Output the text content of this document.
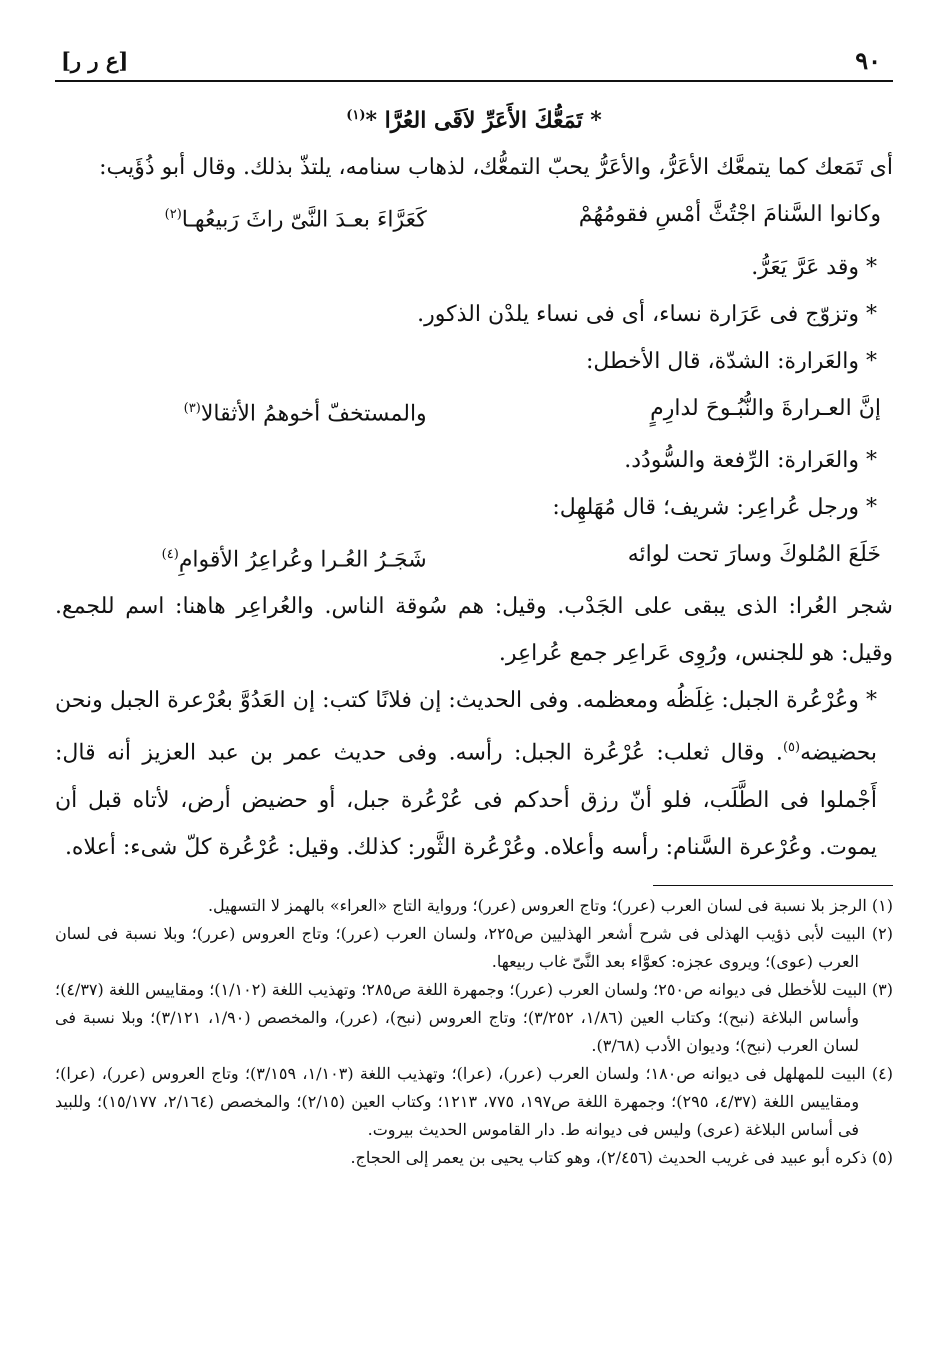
٩٠
[ع ر ر]

* تَمَعُّكَ الأَعَرِّ لاَقَى العُرَّا *$^{(١)}$

أى تَمَعك كما يتمعَّك الأعَرُّ، والأعَرُّ يحبّ التمعُّك، لذهاب سنامه، يلتذّ بذلك. وقال أبو ذُؤَيب:

وكانوا السَّنامَ اجْتُثَّ أمْسِ فقومُهُمْ
كَعَرَّاءَ بعـدَ النَّىّ راثَ رَبيعُهـا$^{(٢)}$

* وقد عَرَّ يَعَرُّ.

* وتزوّج فى عَرَارة نساء، أى فى نساء يلدْن الذكور.

* والعَرارة: الشدّة، قال الأخطل:

إنَّ العـرارةَ والنُّبُـوحَ لدارِمٍ
والمستخفّ أخوهمُ الأثقالا$^{(٣)}$

* والعَرارة: الرِّفعة والسُّودُد.

* ورجل عُراعِر: شريف؛ قال مُهَلهِل:

خَلَعَ المُلوكَ وسارَ تحت لوائه
شَجَـرُ العُـرا وعُراعِرُ الأقوامِ$^{(٤)}$

شجر العُرا: الذى يبقى على الجَدْب. وقيل: هم سُوقة الناس. والعُراعِر هاهنا: اسم للجمع. وقيل: هو للجنس، ورُوِى عَراعِر جمع عُراعِر.

* وعُرْعُرة الجبل: غِلَظُه ومعظمه. وفى الحديث: إن فلانًا كتب: إن العَدُوَّ بعُرْعرة الجبل ونحن بحضيضه$^{(٥)}$. وقال ثعلب: عُرْعُرة الجبل: رأسه. وفى حديث عمر بن عبد العزيز أنه قال: أَجْملوا فى الطَّلَب، فلو أنّ رزق أحدكم فى عُرْعُرة جبل، أو حضيض أرض، لأتاه قبل أن يموت. وعُرْعرة السَّنام: رأسه وأعلاه. وعُرْعُرة الثَّور: كذلك. وقيل: عُرْعُرة كلّ شىء: أعلاه.

(١) الرجز بلا نسبة فى لسان العرب (عرر)؛ وتاج العروس (عرر)؛ ورواية التاج «العراء» بالهمز لا التسهيل.

(٢) البيت لأبى ذؤيب الهذلى فى شرح أشعر الهذليين ص٢٢٥، ولسان العرب (عرر)؛ وتاج العروس (عرر)؛ وبلا نسبة فى لسان العرب (عوى)؛ ويروى عجزه: كعوَّاء بعد النَّىّ غاب ربيعها.

(٣) البيت للأخطل فى ديوانه ص٢٥٠؛ ولسان العرب (عرر)؛ وجمهرة اللغة ص٢٨٥؛ وتهذيب اللغة (١/١٠٢)؛ ومقاييس اللغة (٤/٣٧)؛ وأساس البلاغة (نبح)؛ وكتاب العين (١/٨٦، ٣/٢٥٢)؛ وتاج العروس (نبح)، (عرر)، والمخصص (١/٩٠، ٣/١٢١)؛ وبلا نسبة فى لسان العرب (نبح)؛ وديوان الأدب (٣/٦٨).

(٤) البيت للمهلهل فى ديوانه ص١٨٠؛ ولسان العرب (عرر)، (عرا)؛ وتهذيب اللغة (١/١٠٣، ٣/١٥٩)؛ وتاج العروس (عرر)، (عرا)؛ ومقاييس اللغة (٤/٣٧، ٢٩٥)؛ وجمهرة اللغة ص١٩٧، ٧٧٥، ١٢١٣؛ وكتاب العين (٢/١٥)؛ والمخصص (٢/١٦٤، ١٥/١٧٧)؛ وللبيد فى أساس البلاغة (عرى) وليس فى ديوانه ط. دار القاموس الحديث بيروت.

(٥) ذكره أبو عبيد فى غريب الحديث (٢/٤٥٦)، وهو كتاب يحيى بن يعمر إلى الحجاج.
